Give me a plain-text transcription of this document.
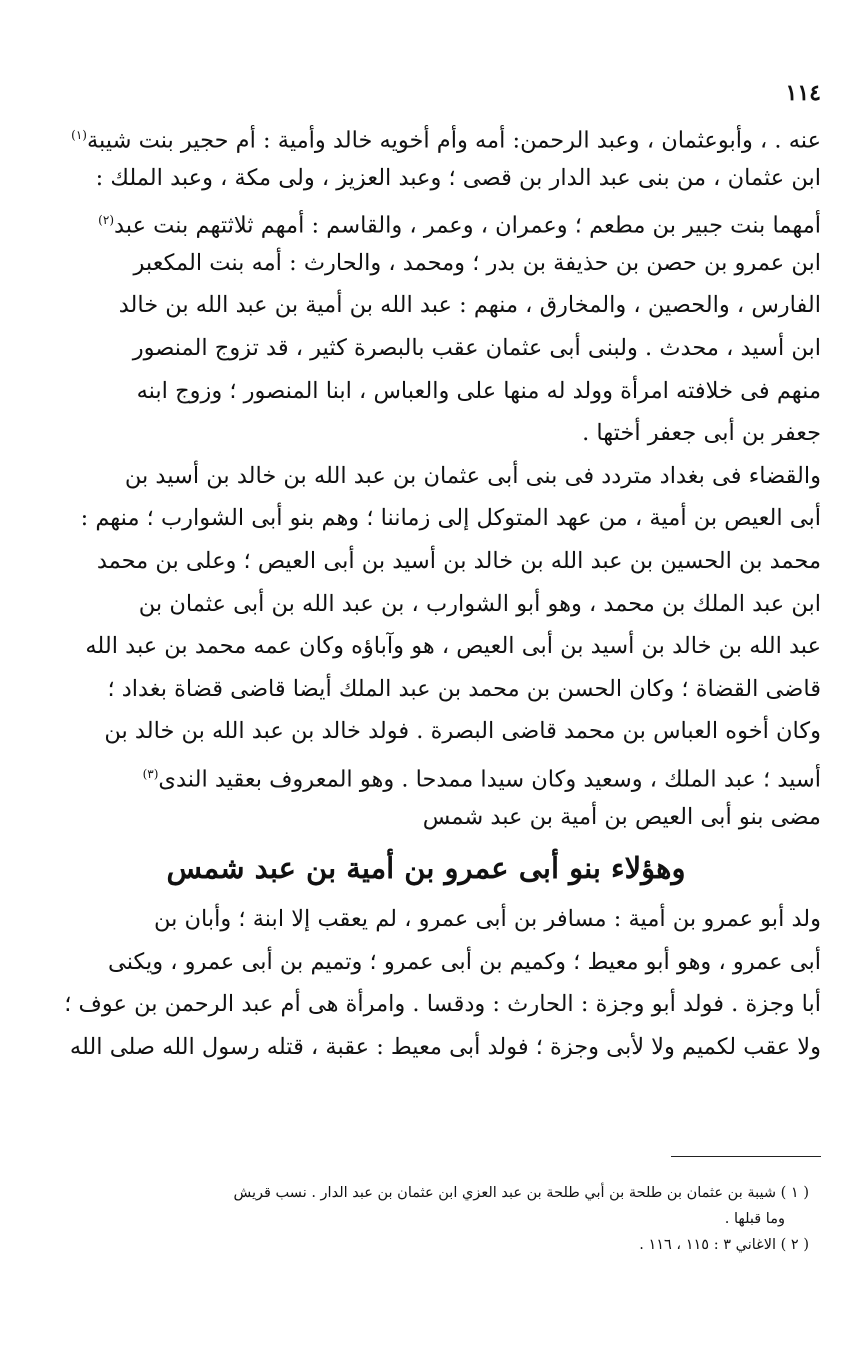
١١٤
عنه . ، وأبوعثمان ، وعبد الرحمن: أمه وأم أخويه خالد وأمية : أم حجير بنت شيبة$^{(١)}$
ابن عثمان ، من بنى عبد الدار بن قصى ؛ وعبد العزيز ، ولى مكة ، وعبد الملك :
أمهما بنت جبير بن مطعم ؛ وعمران ، وعمر ، والقاسم : أمهم ثلاثتهم بنت عبد$^{(٢)}$
ابن عمرو بن حصن بن حذيفة بن بدر ؛ ومحمد ، والحارث : أمه بنت المكعبر
الفارس ، والحصين ، والمخارق ، منهم : عبد الله بن أمية بن عبد الله بن خالد
ابن أسيد ، محدث . ولبنى أبى عثمان عقب بالبصرة كثير ، قد تزوج المنصور
منهم فى خلافته امرأة وولد له منها على والعباس ، ابنا المنصور ؛ وزوج ابنه
جعفر بن أبى جعفر أختها .
والقضاء فى بغداد متردد فى بنى أبى عثمان بن عبد الله بن خالد بن أسيد بن
أبى العيص بن أمية ، من عهد المتوكل إلى زماننا ؛ وهم بنو أبى الشوارب ؛ منهم :
محمد بن الحسين بن عبد الله بن خالد بن أسيد بن أبى العيص ؛ وعلى بن محمد
ابن عبد الملك بن محمد ، وهو أبو الشوارب ، بن عبد الله بن أبى عثمان بن
عبد الله بن خالد بن أسيد بن أبى العيص ، هو وآباؤه وكان عمه محمد بن عبد الله
قاضى القضاة ؛ وكان الحسن بن محمد بن عبد الملك أيضا قاضى قضاة بغداد ؛
وكان أخوه العباس بن محمد قاضى البصرة . فولد خالد بن عبد الله بن خالد بن
أسيد ؛ عبد الملك ، وسعيد وكان سيدا ممدحا . وهو المعروف بعقيد الندى$^{(٣)}$
مضى بنو أبى العيص بن أمية بن عبد شمس
وهؤلاء بنو أبى عمرو بن أمية بن عبد شمس
ولد أبو عمرو بن أمية : مسافر بن أبى عمرو ، لم يعقب إلا ابنة ؛ وأبان بن
أبى عمرو ، وهو أبو معيط ؛ وكميم بن أبى عمرو ؛ وتميم بن أبى عمرو ، ويكنى
أبا وجزة . فولد أبو وجزة : الحارث : ودقسا . وامرأة هى أم عبد الرحمن بن عوف ؛
ولا عقب لكميم ولا لأبى وجزة ؛ فولد أبى معيط : عقبة ، قتله رسول الله صلى الله
( ١ ) شيبة بن عثمان بن طلحة بن أبي طلحة بن عبد العزي ابن عثمان بن عبد الدار . نسب قريش
وما قبلها .
( ٢ ) الاغاني ٣ : ١١٥ ، ١١٦ .
